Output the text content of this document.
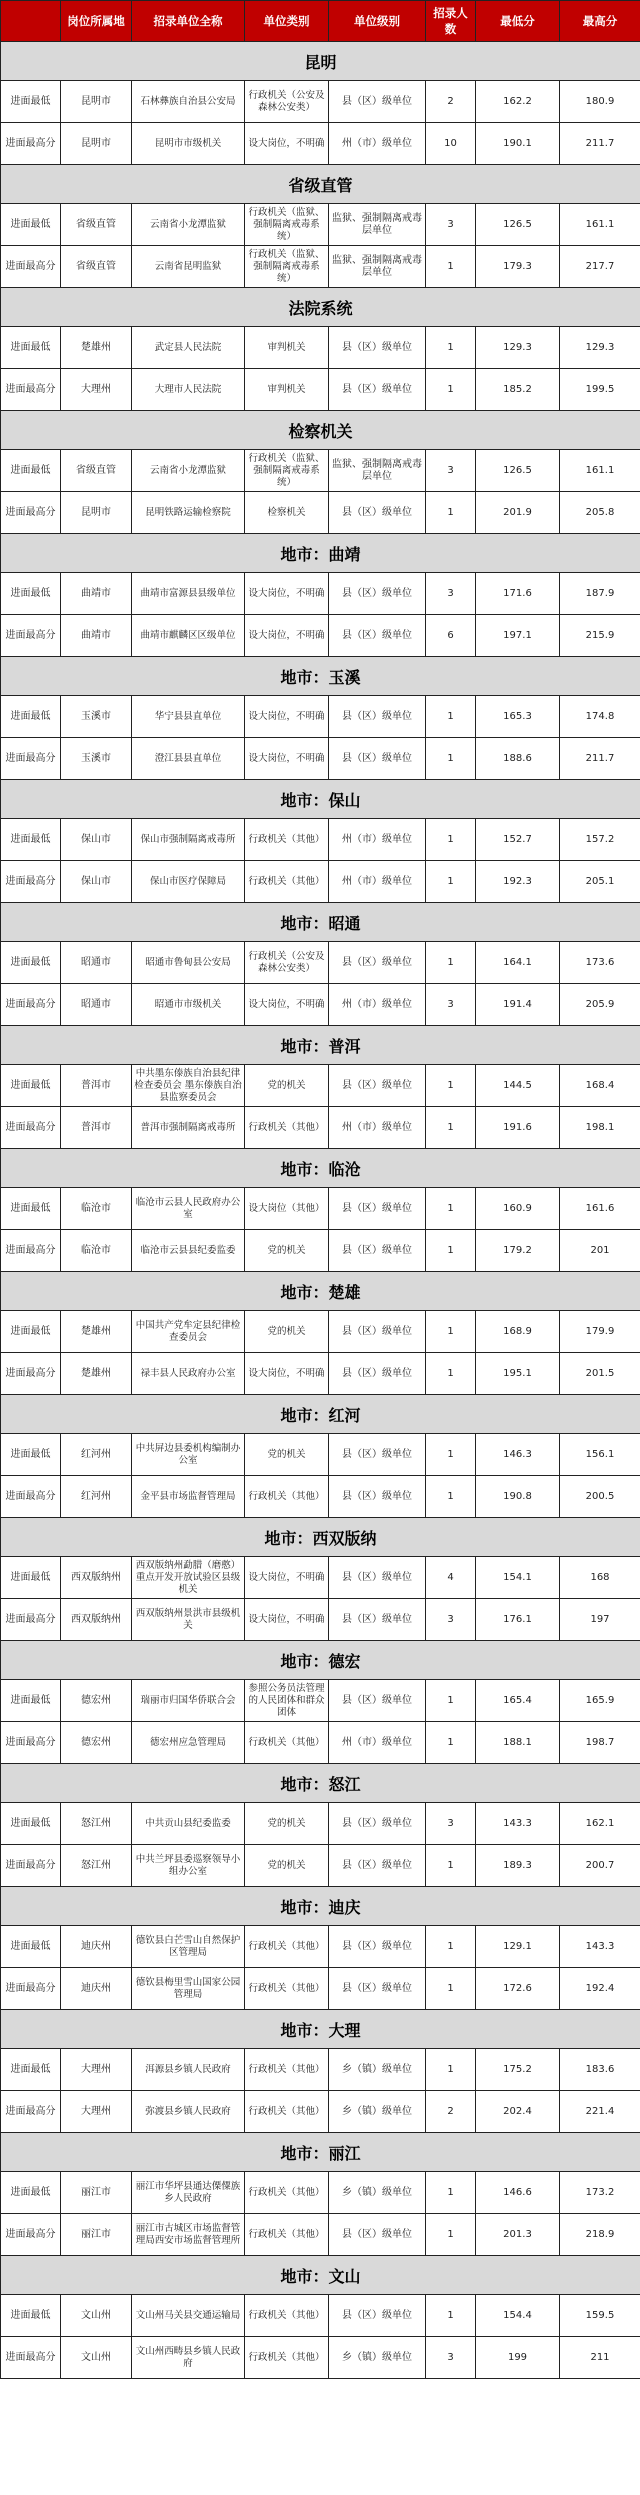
	岗位所属地	招录单位全称	单位类别	单位级别	招录人数	最低分	最高分
昆明							
进面最低	昆明市	石林彝族自治县公安局	行政机关（公安及森林公安类）	县（区）级单位	2	162.2	180.9
进面最高分	昆明市	昆明市市级机关	设大岗位，不明确	州（市）级单位	10	190.1	211.7
省级直管							
进面最低	省级直管	云南省小龙潭监狱	行政机关（监狱、强制隔离戒毒系统）	监狱、强制隔离戒毒层单位	3	126.5	161.1
进面最高分	省级直管	云南省昆明监狱	行政机关（监狱、强制隔离戒毒系统）	监狱、强制隔离戒毒层单位	1	179.3	217.7
法院系统							
进面最低	楚雄州	武定县人民法院	审判机关	县（区）级单位	1	129.3	129.3
进面最高分	大理州	大理市人民法院	审判机关	县（区）级单位	1	185.2	199.5
检察机关							
进面最低	省级直管	云南省小龙潭监狱	行政机关（监狱、强制隔离戒毒系统）	监狱、强制隔离戒毒层单位	3	126.5	161.1
进面最高分	昆明市	昆明铁路运输检察院	检察机关	县（区）级单位	1	201.9	205.8
地市：曲靖							
进面最低	曲靖市	曲靖市富源县县级单位	设大岗位，不明确	县（区）级单位	3	171.6	187.9
进面最高分	曲靖市	曲靖市麒麟区区级单位	设大岗位，不明确	县（区）级单位	6	197.1	215.9
地市：玉溪							
进面最低	玉溪市	华宁县县直单位	设大岗位，不明确	县（区）级单位	1	165.3	174.8
进面最高分	玉溪市	澄江县县直单位	设大岗位，不明确	县（区）级单位	1	188.6	211.7
地市：保山							
进面最低	保山市	保山市强制隔离戒毒所	行政机关（其他）	州（市）级单位	1	152.7	157.2
进面最高分	保山市	保山市医疗保障局	行政机关（其他）	州（市）级单位	1	192.3	205.1
地市：昭通							
进面最低	昭通市	昭通市鲁甸县公安局	行政机关（公安及森林公安类）	县（区）级单位	1	164.1	173.6
进面最高分	昭通市	昭通市市级机关	设大岗位，不明确	州（市）级单位	3	191.4	205.9
地市：普洱							
进面最低	普洱市	中共墨东傣族自治县纪律检查委员会 墨东傣族自治县监察委员会	党的机关	县（区）级单位	1	144.5	168.4
进面最高分	普洱市	普洱市强制隔离戒毒所	行政机关（其他）	州（市）级单位	1	191.6	198.1
地市：临沧							
进面最低	临沧市	临沧市云县人民政府办公室	设大岗位（其他）	县（区）级单位	1	160.9	161.6
进面最高分	临沧市	临沧市云县县纪委监委	党的机关	县（区）级单位	1	179.2	201
地市：楚雄							
进面最低	楚雄州	中国共产党牟定县纪律检查委员会	党的机关	县（区）级单位	1	168.9	179.9
进面最高分	楚雄州	禄丰县人民政府办公室	设大岗位，不明确	县（区）级单位	1	195.1	201.5
地市：红河							
进面最低	红河州	中共屏边县委机构编制办公室	党的机关	县（区）级单位	1	146.3	156.1
进面最高分	红河州	金平县市场监督管理局	行政机关（其他）	县（区）级单位	1	190.8	200.5
地市：西双版纳							
进面最低	西双版纳州	西双版纳州勐腊（磨憨）重点开发开放试验区县级机关	设大岗位，不明确	县（区）级单位	4	154.1	168
进面最高分	西双版纳州	西双版纳州景洪市县级机关	设大岗位，不明确	县（区）级单位	3	176.1	197
地市：德宏							
进面最低	德宏州	瑞丽市归国华侨联合会	参照公务员法管理的人民团体和群众团体	县（区）级单位	1	165.4	165.9
进面最高分	德宏州	德宏州应急管理局	行政机关（其他）	州（市）级单位	1	188.1	198.7
地市：怒江							
进面最低	怒江州	中共贡山县纪委监委	党的机关	县（区）级单位	3	143.3	162.1
进面最高分	怒江州	中共兰坪县委巡察领导小组办公室	党的机关	县（区）级单位	1	189.3	200.7
地市：迪庆							
进面最低	迪庆州	德钦县白芒雪山自然保护区管理局	行政机关（其他）	县（区）级单位	1	129.1	143.3
进面最高分	迪庆州	德钦县梅里雪山国家公园管理局	行政机关（其他）	县（区）级单位	1	172.6	192.4
地市：大理							
进面最低	大理州	洱源县乡镇人民政府	行政机关（其他）	乡（镇）级单位	1	175.2	183.6
进面最高分	大理州	弥渡县乡镇人民政府	行政机关（其他）	乡（镇）级单位	2	202.4	221.4
地市：丽江							
进面最低	丽江市	丽江市华坪县通达傈僳族乡人民政府	行政机关（其他）	乡（镇）级单位	1	146.6	173.2
进面最高分	丽江市	丽江市古城区市场监督管理局西安市场监督管理所	行政机关（其他）	县（区）级单位	1	201.3	218.9
地市：文山							
进面最低	文山州	文山州马关县交通运输局	行政机关（其他）	县（区）级单位	1	154.4	159.5
进面最高分	文山州	文山州西畴县乡镇人民政府	行政机关（其他）	乡（镇）级单位	3	199	211
